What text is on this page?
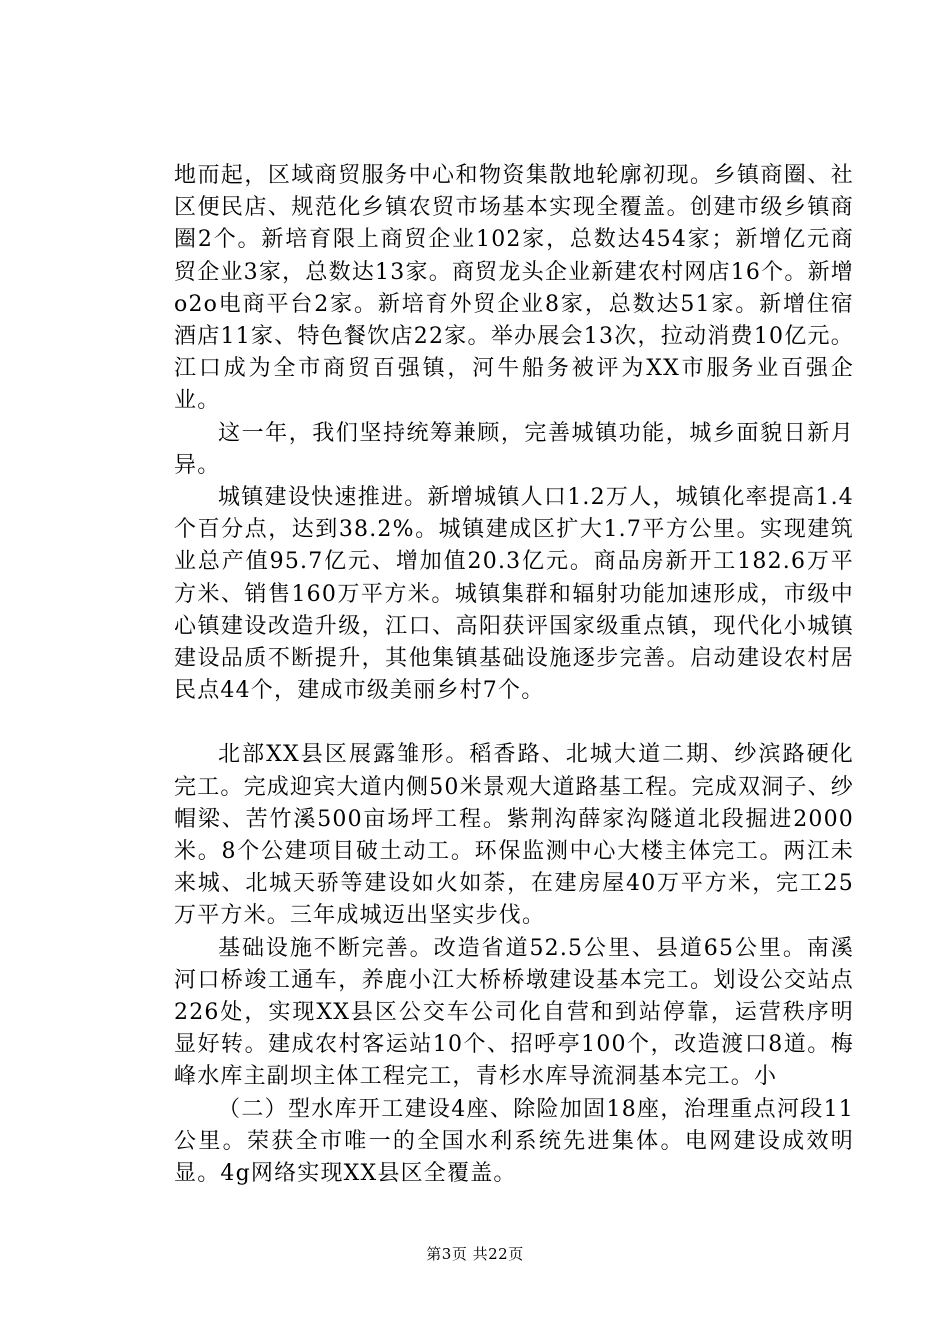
地而起，区域商贸服务中心和物资集散地轮廓初现。乡镇商圈、社区便民店、规范化乡镇农贸市场基本实现全覆盖。创建市级乡镇商圈2个。新培育限上商贸企业102家，总数达454家；新增亿元商贸企业3家，总数达13家。商贸龙头企业新建农村网店16个。新增o2o电商平台2家。新培育外贸企业8家，总数达51家。新增住宿酒店11家、特色餐饮店22家。举办展会13次，拉动消费10亿元。江口成为全市商贸百强镇，河牛船务被评为XX市服务业百强企业。

这一年，我们坚持统筹兼顾，完善城镇功能，城乡面貌日新月异。

城镇建设快速推进。新增城镇人口1.2万人，城镇化率提高1.4个百分点，达到38.2%。城镇建成区扩大1.7平方公里。实现建筑业总产值95.7亿元、增加值20.3亿元。商品房新开工182.6万平方米、销售160万平方米。城镇集群和辐射功能加速形成，市级中心镇建设改造升级，江口、高阳获评国家级重点镇，现代化小城镇建设品质不断提升，其他集镇基础设施逐步完善。启动建设农村居民点44个，建成市级美丽乡村7个。

北部XX县区展露雏形。稻香路、北城大道二期、纱滨路硬化完工。完成迎宾大道内侧50米景观大道路基工程。完成双洞子、纱帽梁、苦竹溪500亩场坪工程。紫荆沟薛家沟隧道北段掘进2000米。8个公建项目破土动工。环保监测中心大楼主体完工。两江未来城、北城天骄等建设如火如荼，在建房屋40万平方米，完工25万平方米。三年成城迈出坚实步伐。

基础设施不断完善。改造省道52.5公里、县道65公里。南溪河口桥竣工通车，养鹿小江大桥桥墩建设基本完工。划设公交站点226处，实现XX县区公交车公司化自营和到站停靠，运营秩序明显好转。建成农村客运站10个、招呼亭100个，改造渡口8道。梅峰水库主副坝主体工程完工，青杉水库导流洞基本完工。小

（二）型水库开工建设4座、除险加固18座，治理重点河段11公里。荣获全市唯一的全国水利系统先进集体。电网建设成效明显。4g网络实现XX县区全覆盖。

第3页 共22页
